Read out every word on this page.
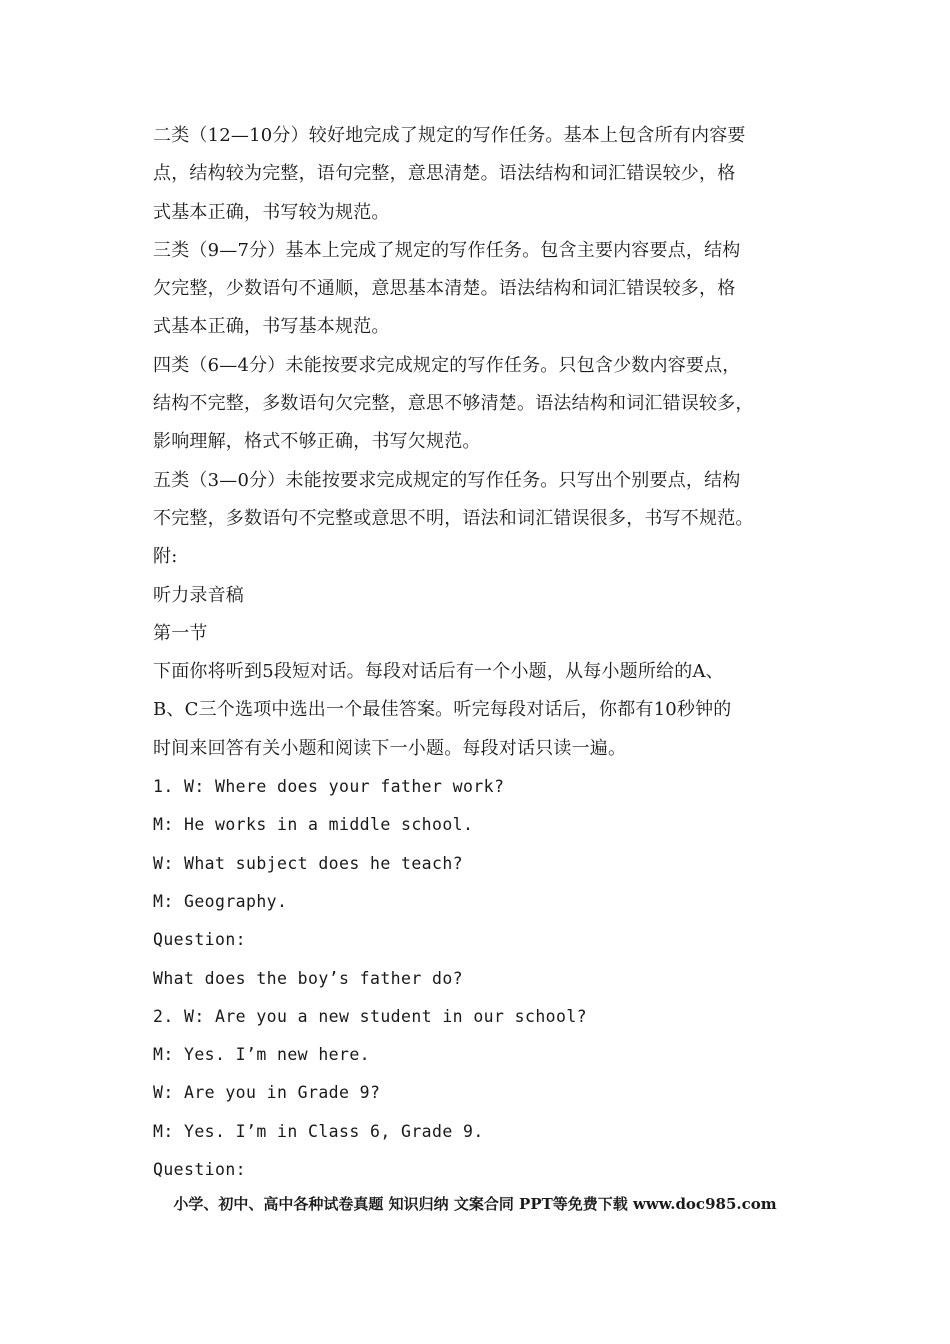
二类（12—10分）较好地完成了规定的写作任务。基本上包含所有内容要
点，结构较为完整，语句完整，意思清楚。语法结构和词汇错误较少，格
式基本正确，书写较为规范。
三类（9—7分）基本上完成了规定的写作任务。包含主要内容要点，结构
欠完整，少数语句不通顺，意思基本清楚。语法结构和词汇错误较多，格
式基本正确，书写基本规范。
四类（6—4分）未能按要求完成规定的写作任务。只包含少数内容要点，
结构不完整，多数语句欠完整，意思不够清楚。语法结构和词汇错误较多，
影响理解，格式不够正确，书写欠规范。
五类（3—0分）未能按要求完成规定的写作任务。只写出个别要点，结构
不完整，多数语句不完整或意思不明，语法和词汇错误很多，书写不规范。
附:
听力录音稿
第一节
下面你将听到5段短对话。每段对话后有一个小题，从每小题所给的A、
B、C三个选项中选出一个最佳答案。听完每段对话后，你都有10秒钟的
时间来回答有关小题和阅读下一小题。每段对话只读一遍。
1. W: Where does your father work?
M: He works in a middle school.
W: What subject does he teach?
M: Geography.
Question:
What does the boy’s father do?
2. W: Are you a new student in our school?
M: Yes. I’m new here.
W: Are you in Grade 9?
M: Yes. I’m in Class 6, Grade 9.
Question:
小学、初中、高中各种试卷真题 知识归纳 文案合同 PPT等免费下载 www.doc985.com
